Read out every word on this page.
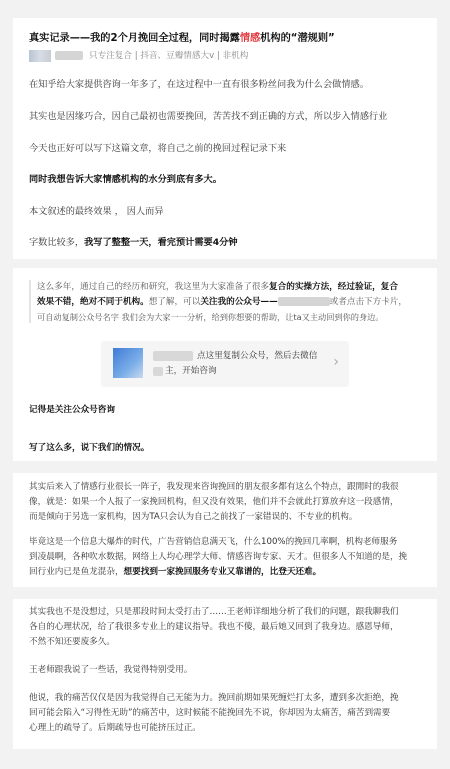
真实记录——我的2个月挽回全过程，同时揭露情感机构的“潜规则”
只专注复合 | 抖音、豆瓣情感大v | 非机构
在知乎给大家提供咨询一年多了，在这过程中一直有很多粉丝问我为什么会做情感。
其实也是因缘巧合，因自己最初也需要挽回，苦苦找不到正确的方式，所以步入情感行业
今天也正好可以写下这篇文章，将自己之前的挽回过程记录下来
同时我想告诉大家情感机构的水分到底有多大。
本文叙述的最终效果 ， 因人而异
字数比较多，我写了整整一天，看完预计需要4分钟
这么多年，通过自己的经历和研究，我这里为大家准备了很多复合的实操方法，经过验证，复合
效果不错，绝对不同于机构。想了解，可以关注我的公众号——	或者点击下方卡片，
可自动复制公众号名字 我们会为大家一一分析，给到你想要的帮助，让ta又主动回到你的身边。
点这里复制公众号，然后去微信
主，开始咨询
›
记得是关注公众号咨询
写了这么多，说下我们的情况。
其实后来入了情感行业很长一阵子，我发现来咨询挽回的朋友很多都有这么个特点，跟閒时的我很
像，就是：如果一个人报了一家挽回机构，但又没有效果，他们并不会就此打算放弃这一段感情，
而是倾向于另选一家机构，因为TA只会认为自己之前找了一家错误的、不专业的机构。
毕竟这是一个信息大爆炸的时代，广告营销信息满天飞，什么100%的挽回几率啊，机构老师服务
到凌晨啊，各种吹水数据，网络上人均心理学大师、情感咨询专家、天才。但很多人不知道的是，挽
回行业内已是鱼龙混杂，想要找到一家挽回服务专业又靠谱的，比登天还难。
其实我也不是没想过，只是那段时间太受打击了……王老师详细地分析了我们的问题，跟我聊我们
各自的心理状况，给了我很多专业上的建议指导。我也不傻，最后她又回到了我身边。感恩导师，
不然不知还要废多久。
王老师跟我说了一些话，我觉得特别受用。
他说，我的痛苦仅仅是因为我觉得自己无能为力。挽回前期如果死缠烂打太多，遭到多次拒绝，挽
回可能会陷入“习得性无助”的痛苦中，这时候能不能挽回先不说，你却因为太痛苦，痛苦到需要
心理上的疏导了。后期疏导也可能挤压过正。
